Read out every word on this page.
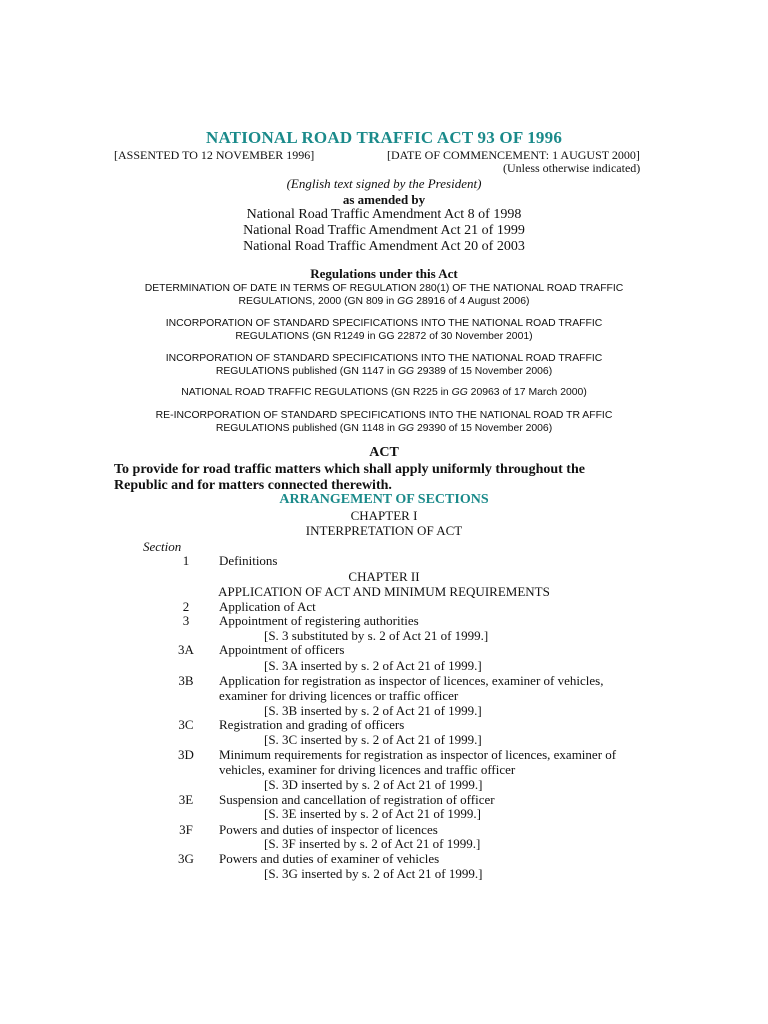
NATIONAL ROAD TRAFFIC ACT 93 OF 1996
[ASSENTED TO 12 NOVEMBER 1996]	[DATE OF COMMENCEMENT: 1 AUGUST 2000]
(Unless otherwise indicated)
(English text signed by the President)
as amended by
National Road Traffic Amendment Act 8 of 1998
National Road Traffic Amendment Act 21 of 1999
National Road Traffic Amendment Act 20 of 2003
Regulations under this Act
DETERMINATION OF DATE IN TERMS OF REGULATION 280(1) OF THE NATIONAL ROAD TRAFFIC
REGULATIONS, 2000 (GN 809 in GG 28916 of 4 August 2006)
INCORPORATION OF STANDARD SPECIFICATIONS INTO THE NATIONAL ROAD TRAFFIC
REGULATIONS (GN R1249 in GG 22872 of 30 November 2001)
INCORPORATION OF STANDARD SPECIFICATIONS INTO THE NATIONAL ROAD TRAFFIC
REGULATIONS published (GN 1147 in GG 29389 of 15 November 2006)
NATIONAL ROAD TRAFFIC REGULATIONS (GN R225 in GG 20963 of 17 March 2000)
RE-INCORPORATION OF STANDARD SPECIFICATIONS INTO THE NATIONAL ROAD TR AFFIC
REGULATIONS published (GN 1148 in GG 29390 of 15 November 2006)
ACT
To provide for road traffic matters which shall apply uniformly throughout the
Republic and for matters connected therewith.
ARRANGEMENT OF SECTIONS
CHAPTER I
INTERPRETATION OF ACT
Section
1	Definitions
CHAPTER II
APPLICATION OF ACT AND MINIMUM REQUIREMENTS
2	Application of Act
3	Appointment of registering authorities
[S. 3 substituted by s. 2 of Act 21 of 1999.]
3A	Appointment of officers
[S. 3A inserted by s. 2 of Act 21 of 1999.]
3B	Application for registration as inspector of licences, examiner of vehicles,
examiner for driving licences or traffic officer
[S. 3B inserted by s. 2 of Act 21 of 1999.]
3C	Registration and grading of officers
[S. 3C inserted by s. 2 of Act 21 of 1999.]
3D	Minimum requirements for registration as inspector of licences, examiner of
vehicles, examiner for driving licences and traffic officer
[S. 3D inserted by s. 2 of Act 21 of 1999.]
3E	Suspension and cancellation of registration of officer
[S. 3E inserted by s. 2 of Act 21 of 1999.]
3F	Powers and duties of inspector of licences
[S. 3F inserted by s. 2 of Act 21 of 1999.]
3G	Powers and duties of examiner of vehicles
[S. 3G inserted by s. 2 of Act 21 of 1999.]
